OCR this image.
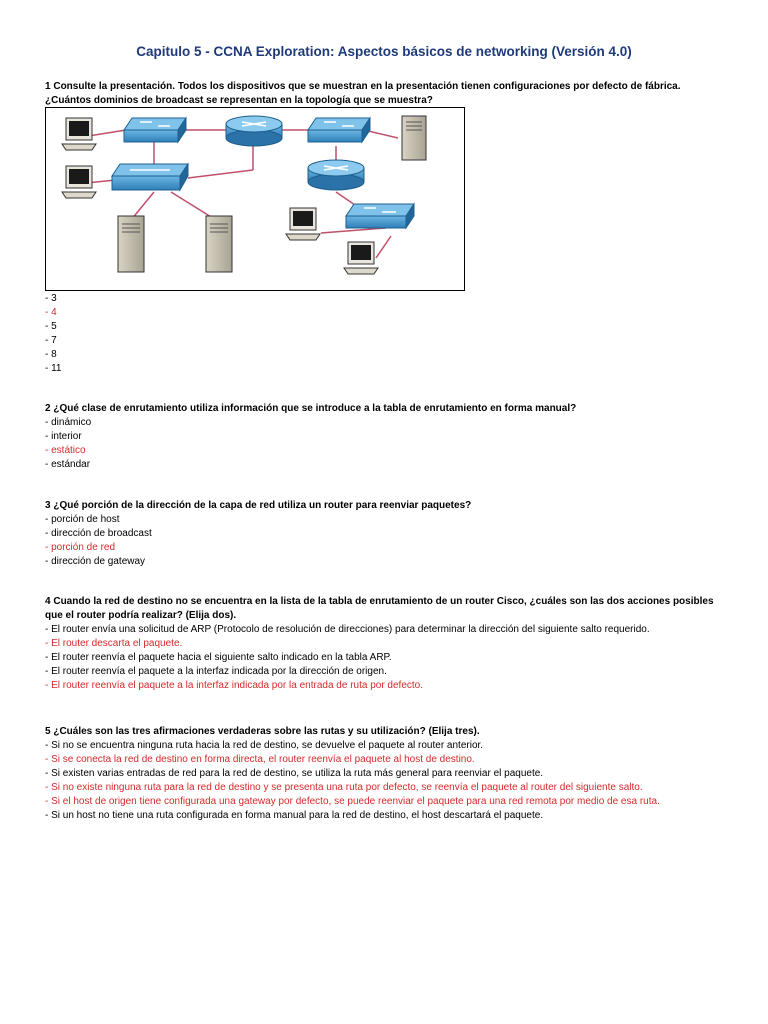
Capitulo 5 - CCNA Exploration: Aspectos básicos de networking (Versión 4.0)
1 Consulte la presentación. Todos los dispositivos que se muestran en la presentación tienen configuraciones por defecto de fábrica. ¿Cuántos dominios de broadcast se representan en la topología que se muestra?
- 3
- 4
- 5
- 7
- 8
- 11
2 ¿Qué clase de enrutamiento utiliza información que se introduce a la tabla de enrutamiento en forma manual?
- dinámico
- interior
- estático
- estándar
3 ¿Qué porción de la dirección de la capa de red utiliza un router para reenviar paquetes?
- porción de host
- dirección de broadcast
- porción de red
- dirección de gateway
4 Cuando la red de destino no se encuentra en la lista de la tabla de enrutamiento de un router Cisco, ¿cuáles son las dos acciones posibles que el router podría realizar? (Elija dos).
- El router envía una solicitud de ARP (Protocolo de resolución de direcciones) para determinar la dirección del siguiente salto requerido.
- El router descarta el paquete.
- El router reenvía el paquete hacia el siguiente salto indicado en la tabla ARP.
- El router reenvía el paquete a la interfaz indicada por la dirección de origen.
- El router reenvía el paquete a la interfaz indicada por la entrada de ruta por defecto.
5 ¿Cuáles son las tres afirmaciones verdaderas sobre las rutas y su utilización? (Elija tres).
- Si no se encuentra ninguna ruta hacia la red de destino, se devuelve el paquete al router anterior.
- Si se conecta la red de destino en forma directa, el router reenvía el paquete al host de destino.
- Si existen varias entradas de red para la red de destino, se utiliza la ruta más general para reenviar el paquete.
- Si no existe ninguna ruta para la red de destino y se presenta una ruta por defecto, se reenvía el paquete al router del siguiente salto.
- Si el host de origen tiene configurada una gateway por defecto, se puede reenviar el paquete para una red remota por medio de esa ruta.
- Si un host no tiene una ruta configurada en forma manual para la red de destino, el host descartará el paquete.
